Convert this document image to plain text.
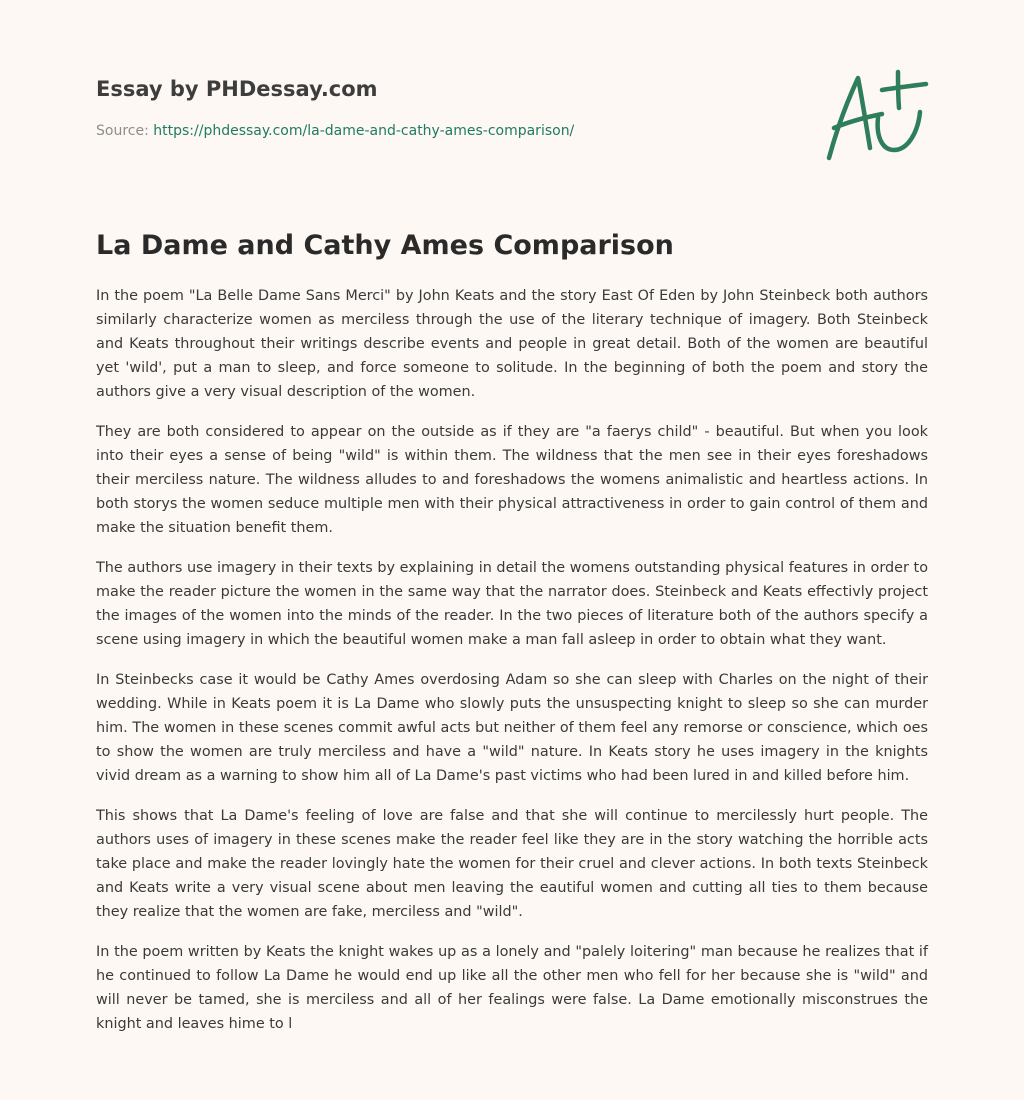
Essay by PHDessay.com
Source: https://phdessay.com/la-dame-and-cathy-ames-comparison/
La Dame and Cathy Ames Comparison

In the poem "La Belle Dame Sans Merci" by John Keats and the story East Of Eden by John Steinbeck both authors similarly characterize women as merciless through the use of the literary technique of imagery. Both Steinbeck and Keats throughout their writings describe events and people in great detail. Both of the women are beautiful yet 'wild', put a man to sleep, and force someone to solitude. In the beginning of both the poem and story the authors give a very visual description of the women.

They are both considered to appear on the outside as if they are "a faerys child" - beautiful. But when you look into their eyes a sense of being "wild" is within them. The wildness that the men see in their eyes foreshadows their merciless nature. The wildness alludes to and foreshadows the womens animalistic and heartless actions. In both storys the women seduce multiple men with their physical attractiveness in order to gain control of them and make the situation benefit them.

The authors use imagery in their texts by explaining in detail the womens outstanding physical features in order to make the reader picture the women in the same way that the narrator does. Steinbeck and Keats effectivly project the images of the women into the minds of the reader. In the two pieces of literature both of the authors specify a scene using imagery in which the beautiful women make a man fall asleep in order to obtain what they want.

In Steinbecks case it would be Cathy Ames overdosing Adam so she can sleep with Charles on the night of their wedding. While in Keats poem it is La Dame who slowly puts the unsuspecting knight to sleep so she can murder him. The women in these scenes commit awful acts but neither of them feel any remorse or conscience, which oes to show the women are truly merciless and have a "wild" nature. In Keats story he uses imagery in the knights vivid dream as a warning to show him all of La Dame's past victims who had been lured in and killed before him.

This shows that La Dame's feeling of love are false and that she will continue to mercilessly hurt people. The authors uses of imagery in these scenes make the reader feel like they are in the story watching the horrible acts take place and make the reader lovingly hate the women for their cruel and clever actions. In both texts Steinbeck and Keats write a very visual scene about men leaving the eautiful women and cutting all ties to them because they realize that the women are fake, merciless and "wild".

In the poem written by Keats the knight wakes up as a lonely and "palely loitering" man because he realizes that if he continued to follow La Dame he would end up like all the other men who fell for her because she is "wild" and will never be tamed, she is merciless and all of her fealings were false. La Dame emotionally misconstrues the knight and leaves hime to l
